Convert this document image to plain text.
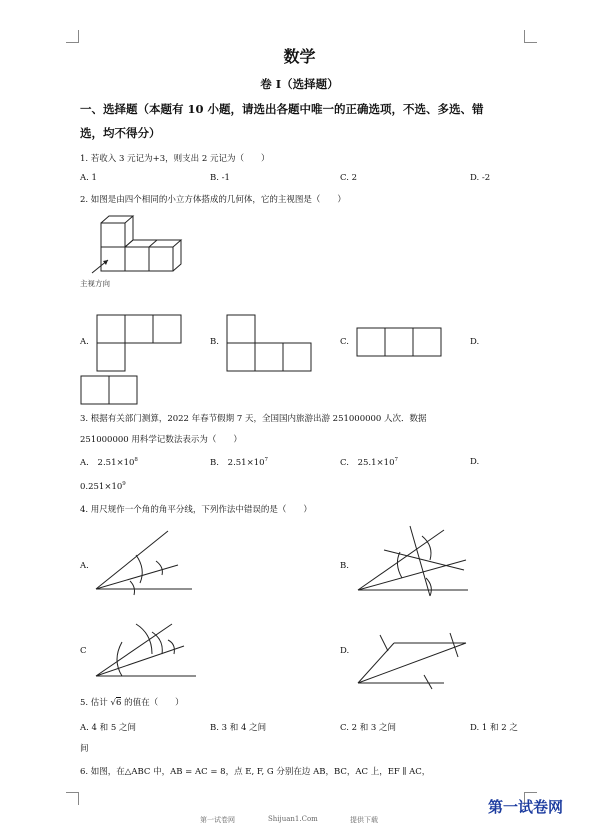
数学
卷 I（选择题）
一、选择题（本题有 10 小题，请选出各题中唯一的正确选项，不选、多选、错
选，均不得分）
1. 若收入 3 元记为+3，则支出 2 元记为（　　）
A. 1	B. -1	C. 2	D. -2
2. 如图是由四个相同的小立方体搭成的几何体，它的主视图是（　　）
主视方向
A.	B.	C.	D.
3. 根据有关部门测算，2022 年春节假期 7 天，全国国内旅游出游 251000000 人次．数据
251000000 用科学记数法表示为（　　）
A. $2.51\times 10^8$	B. $2.51\times 10^7$	C. $25.1\times 10^7$	D.
$0.251\times 10^9$
4. 用尺规作一个角的角平分线，下列作法中错误的是（　　）
A.	B.
C	D.
5. 估计 √6 的值在（　　）
A. 4 和 5 之间	B. 3 和 4 之间	C. 2 和 3 之间	D. 1 和 2 之
间
6. 如图，在△ABC 中，AB = AC = 8，点 E, F, G 分别在边 AB，BC，AC 上，EF ∥ AC，
第一试卷网	Shijuan1.Com	提供下载
第一试卷网
